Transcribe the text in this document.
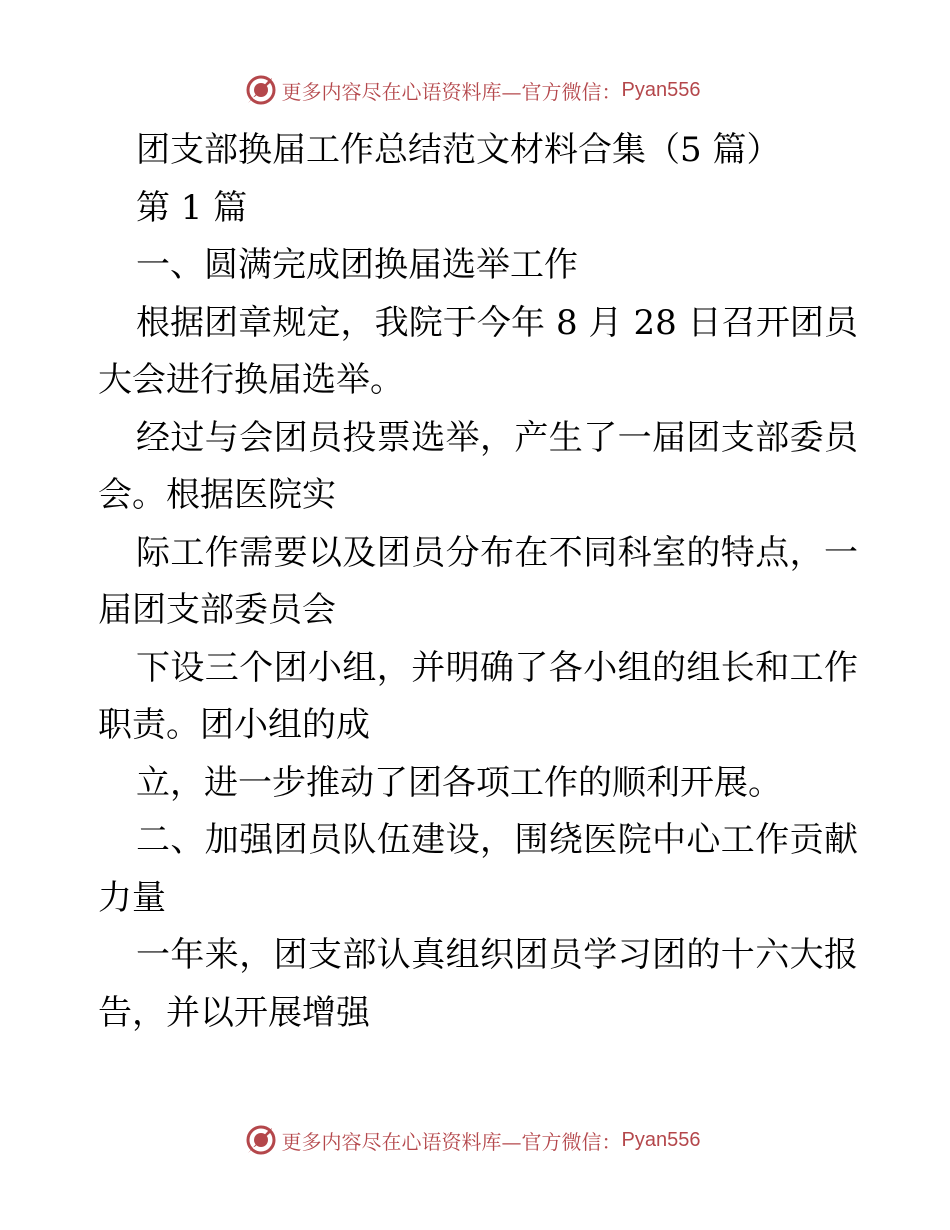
更多内容尽在心语资料库—官方微信： Pyan556

团支部换届工作总结范文材料合集（5 篇）

第 1 篇

一、圆满完成团换届选举工作

根据团章规定，我院于今年 8 月 28 日召开团员大会进行换届选举。

经过与会团员投票选举，产生了一届团支部委员会。根据医院实

际工作需要以及团员分布在不同科室的特点，一届团支部委员会

下设三个团小组，并明确了各小组的组长和工作职责。团小组的成

立，进一步推动了团各项工作的顺利开展。

二、加强团员队伍建设，围绕医院中心工作贡献力量

一年来，团支部认真组织团员学习团的十六大报告，并以开展增强

更多内容尽在心语资料库—官方微信： Pyan556
